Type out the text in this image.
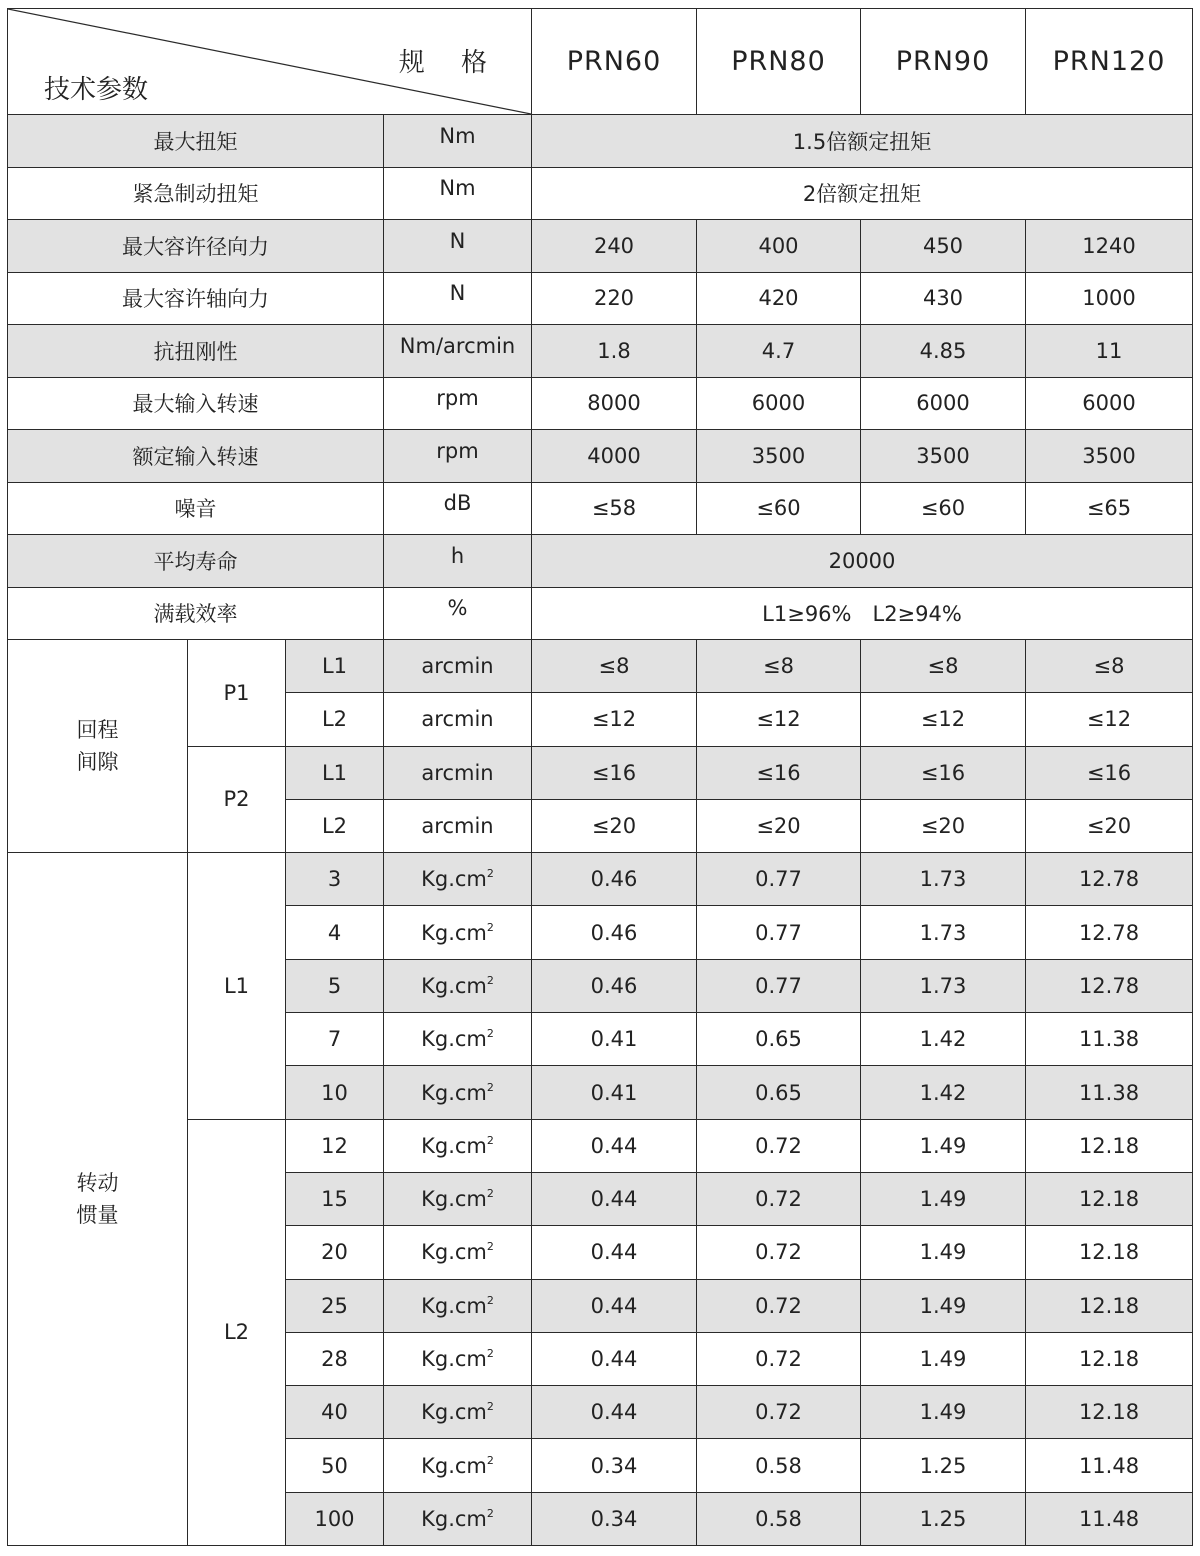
规 格
技术参数				PRN60	PRN80	PRN90	PRN120
最大扭矩			Nm	1.5倍额定扭矩			
紧急制动扭矩			Nm	2倍额定扭矩			
最大容许径向力			N	240	400	450	1240
最大容许轴向力			N	220	420	430	1000
抗扭刚性			Nm/arcmin	1.8	4.7	4.85	11
最大输入转速			rpm	8000	6000	6000	6000
额定输入转速			rpm	4000	3500	3500	3500
噪音			dB	≤58	≤60	≤60	≤65
平均寿命			h	20000			
满载效率			%	L1≥96%　L2≥94%			

回程
间隙	P1	L1	arcmin	≤8	≤8	≤8	≤8
		L2	arcmin	≤12	≤12	≤12	≤12
	P2	L1	arcmin	≤16	≤16	≤16	≤16
		L2	arcmin	≤20	≤20	≤20	≤20

转动
惯量	L1	3	$Kg.cm^2$	0.46	0.77	1.73	12.78
		4	$Kg.cm^2$	0.46	0.77	1.73	12.78
		5	$Kg.cm^2$	0.46	0.77	1.73	12.78
		7	$Kg.cm^2$	0.41	0.65	1.42	11.38
		10	$Kg.cm^2$	0.41	0.65	1.42	11.38
	L2	12	$Kg.cm^2$	0.44	0.72	1.49	12.18
		15	$Kg.cm^2$	0.44	0.72	1.49	12.18
		20	$Kg.cm^2$	0.44	0.72	1.49	12.18
		25	$Kg.cm^2$	0.44	0.72	1.49	12.18
		28	$Kg.cm^2$	0.44	0.72	1.49	12.18
		40	$Kg.cm^2$	0.44	0.72	1.49	12.18
		50	$Kg.cm^2$	0.34	0.58	1.25	11.48
		100	$Kg.cm^2$	0.34	0.58	1.25	11.48
